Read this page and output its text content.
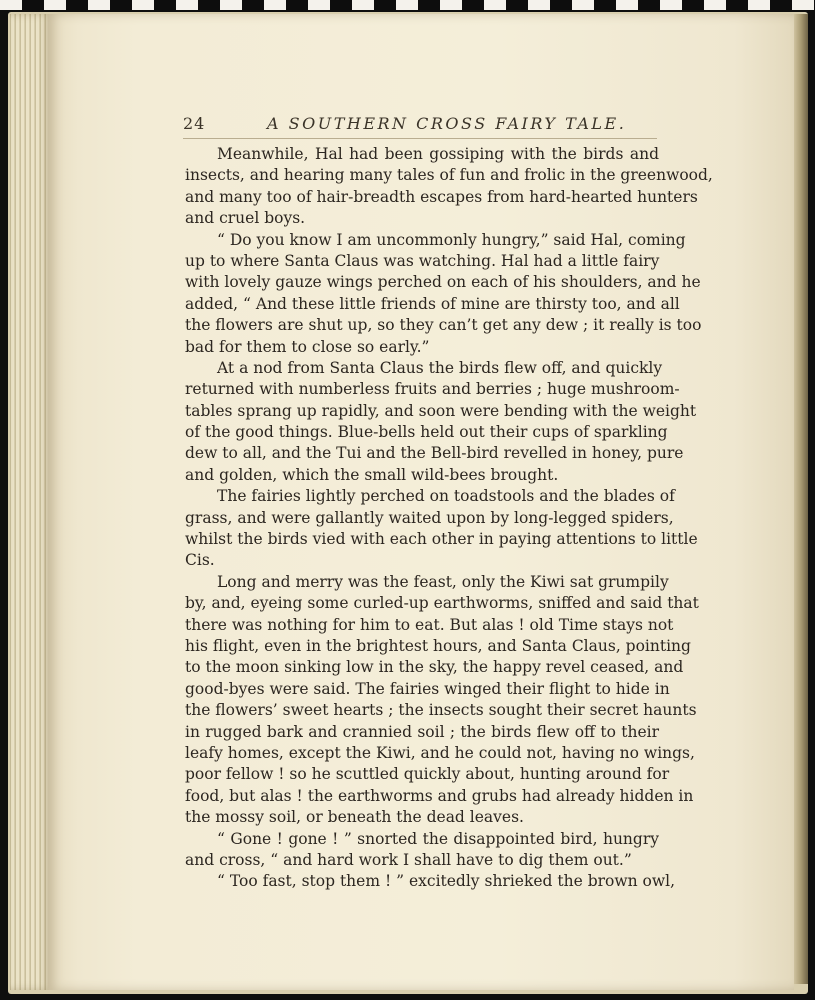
24	A SOUTHERN CROSS FAIRY TALE.
Meanwhile, Hal had been gossiping with the birds and
insects, and hearing many tales of fun and frolic in the greenwood,
and many too of hair-breadth escapes from hard-hearted hunters
and cruel boys.
“ Do you know I am uncommonly hungry,” said Hal, coming
up to where Santa Claus was watching. Hal had a little fairy
with lovely gauze wings perched on each of his shoulders, and he
added, “ And these little friends of mine are thirsty too, and all
the flowers are shut up, so they can’t get any dew ; it really is too
bad for them to close so early.”
At a nod from Santa Claus the birds flew off, and quickly
returned with numberless fruits and berries ; huge mushroom-
tables sprang up rapidly, and soon were bending with the weight
of the good things. Blue-bells held out their cups of sparkling
dew to all, and the Tui and the Bell-bird revelled in honey, pure
and golden, which the small wild-bees brought.
The fairies lightly perched on toadstools and the blades of
grass, and were gallantly waited upon by long-legged spiders,
whilst the birds vied with each other in paying attentions to little
Cis.
Long and merry was the feast, only the Kiwi sat grumpily
by, and, eyeing some curled-up earthworms, sniffed and said that
there was nothing for him to eat. But alas ! old Time stays not
his flight, even in the brightest hours, and Santa Claus, pointing
to the moon sinking low in the sky, the happy revel ceased, and
good-byes were said. The fairies winged their flight to hide in
the flowers’ sweet hearts ; the insects sought their secret haunts
in rugged bark and crannied soil ; the birds flew off to their
leafy homes, except the Kiwi, and he could not, having no wings,
poor fellow ! so he scuttled quickly about, hunting around for
food, but alas ! the earthworms and grubs had already hidden in
the mossy soil, or beneath the dead leaves.
“ Gone ! gone ! ” snorted the disappointed bird, hungry
and cross, “ and hard work I shall have to dig them out.”
“ Too fast, stop them ! ” excitedly shrieked the brown owl,
